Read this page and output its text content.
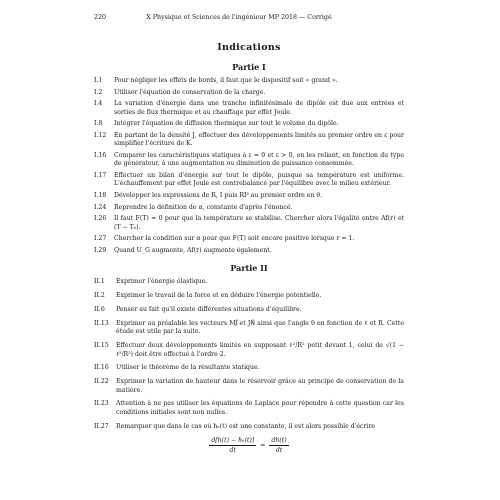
220	X Physique et Sciences de l'ingénieur MP 2018 — Corrigé
Indications
Partie I
I.1	Pour négliger les effets de bords, il faut que le dispositif soit « grand ».
I.2	Utiliser l'équation de conservation de la charge.
I.4	La variation d'énergie dans une tranche infinitésimale de dipôle est due aux entrées et sorties de flux thermique et au chauffage par effet Joule.
I.8	Intégrer l'équation de diffusion thermique sur tout le volume du dipôle.
I.12	En partant de la densité J, effectuer des développements limités au premier ordre en ε pour simplifier l'écriture de K.
I.16	Comparer les caractéristiques statiques à ε = 0 et ε > 0, en les reliant, en fonction du type de générateur, à une augmentation ou diminution de puissance consommée.
I.17	Effectuer un bilan d'énergie sur tout le dipôle, puisque sa température est uniforme. L'échauffement par effet Joule est contrebalancé par l'équilibre avec le milieu extérieur.
I.18	Développer les expressions de R, I puis RI² au premier ordre en θ.
I.24	Reprendre la définition de α, constante d'après l'énoncé.
I.26	Il faut F(T) = 0 pour que la température se stabilise. Chercher alors l'égalité entre Af(r) et (T − Tₑ).
I.27	Chercher la condition sur α pour que F(T) soit encore positive lorsque r = 1.
I.29	Quand U_G augmente, Af(r) augmente également.
Partie II
II.1	Exprimer l'énergie élastique.
II.2	Exprimer le travail de la force et en déduire l'énergie potentielle.
II.6	Penser au fait qu'il existe différentes situations d'équilibre.
II.13	Exprimer au préalable les vecteurs MJ⃗ et JN⃗ ainsi que l'angle θ en fonction de ℓ et R. Cette étude est utile par la suite.
II.15	Effectuer deux développements limités en supposant ℓ²/R² petit devant 1, celui de √(1 − ℓ²/R²) doit être effectué à l'ordre 2.
II.16	Utiliser le théorème de la résultante statique.
II.22	Exprimer la variation de hauteur dans le réservoir grâce au principe de conservation de la matière.
II.23	Attention à ne pas utiliser les équations de Laplace pour répondre à cette question car les conditions initiales sont non nulles.
II.27	Remarquer que dans le cas où hₑ(t) est une constante, il est alors possible d'écrire
$\frac{\text{d[h(t) − hₑ(t)]}}{dt} = \frac{dh(t)}{dt}$
